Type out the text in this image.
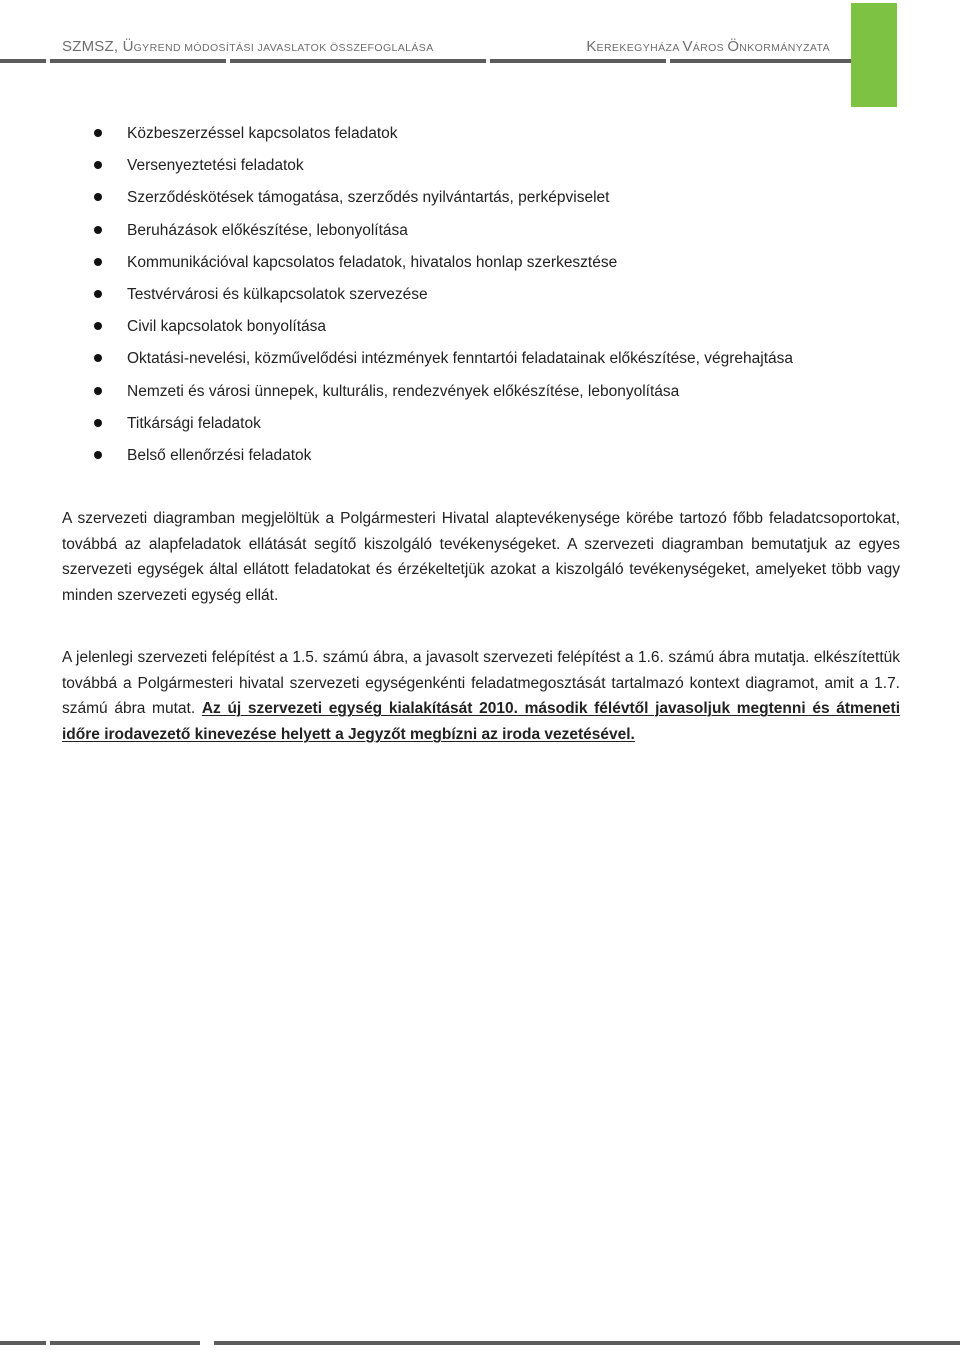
SZMSZ, ÜGYREND MÓDOSÍTÁSI JAVASLATOK ÖSSZEFOGLALÁSA	KEREKEGYHÁZA VÁROS ÖNKORMÁNYZATA
Közbeszerzéssel kapcsolatos feladatok
Versenyeztetési feladatok
Szerződéskötések támogatása, szerződés nyilvántartás, perképviselet
Beruházások előkészítése, lebonyolítása
Kommunikációval kapcsolatos feladatok, hivatalos honlap szerkesztése
Testvérvárosi és külkapcsolatok szervezése
Civil kapcsolatok bonyolítása
Oktatási-nevelési, közművelődési intézmények fenntartói feladatainak előkészítése, végrehajtása
Nemzeti és városi ünnepek, kulturális, rendezvények előkészítése, lebonyolítása
Titkársági feladatok
Belső ellenőrzési feladatok

A szervezeti diagramban megjelöltük a Polgármesteri Hivatal alaptevékenysége körébe tartozó főbb feladatcsoportokat, továbbá az alapfeladatok ellátását segítő kiszolgáló tevékenységeket. A szervezeti diagramban bemutatjuk az egyes szervezeti egységek által ellátott feladatokat és érzékeltetjük azokat a kiszolgáló tevékenységeket, amelyeket több vagy minden szervezeti egység ellát.

A jelenlegi szervezeti felépítést a 1.5. számú ábra, a javasolt szervezeti felépítést a 1.6. számú ábra mutatja. elkészítettük továbbá a Polgármesteri hivatal szervezeti egységenkénti feladatmegosztását tartalmazó kontext diagramot, amit a 1.7. számú ábra mutat. Az új szervezeti egység kialakítását 2010. második félévtől javasoljuk megtenni és átmeneti időre irodavezető kinevezése helyett a Jegyzőt megbízni az iroda vezetésével.
